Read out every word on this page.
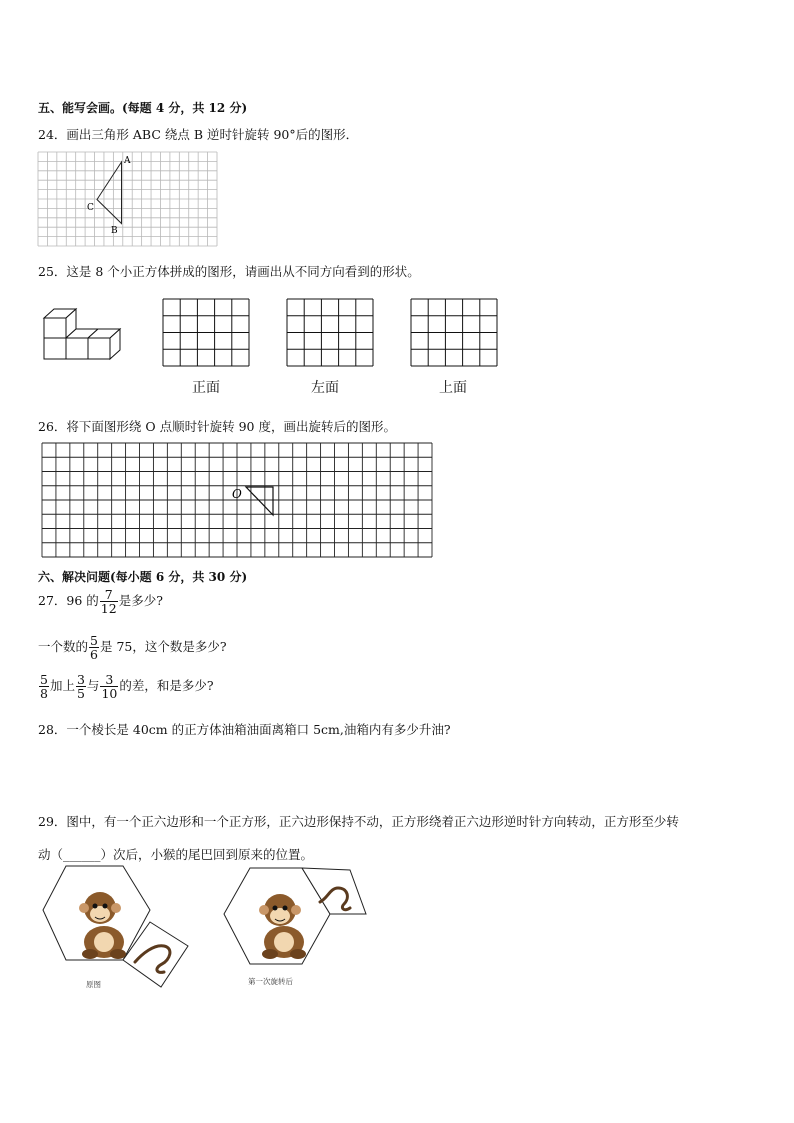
五、能写会画。(每题 4 分，共 12 分)
24．画出三角形 ABC 绕点 B 逆时针旋转 90°后的图形．
A
C
B
25．这是 8 个小正方体拼成的图形，请画出从不同方向看到的形状。
正面	左面	上面
26．将下面图形绕 O 点顺时针旋转 90 度，画出旋转后的图形。
O
六、解决问题(每小题 6 分，共 30 分)
27．96 的 $\frac{7}{12}$ 是多少?
一个数的 $\frac{5}{6}$ 是 75，这个数是多少?
$\frac{5}{8}$ 加上 $\frac{3}{5}$ 与 $\frac{3}{10}$ 的差，和是多少?
28．一个棱长是 40cm 的正方体油箱油面离箱口 5cm,油箱内有多少升油?
29．图中，有一个正六边形和一个正方形，正六边形保持不动，正方形绕着正六边形逆时针方向转动，正方形至少转
动（______）次后，小猴的尾巴回到原来的位置。
原图	第一次旋转后
